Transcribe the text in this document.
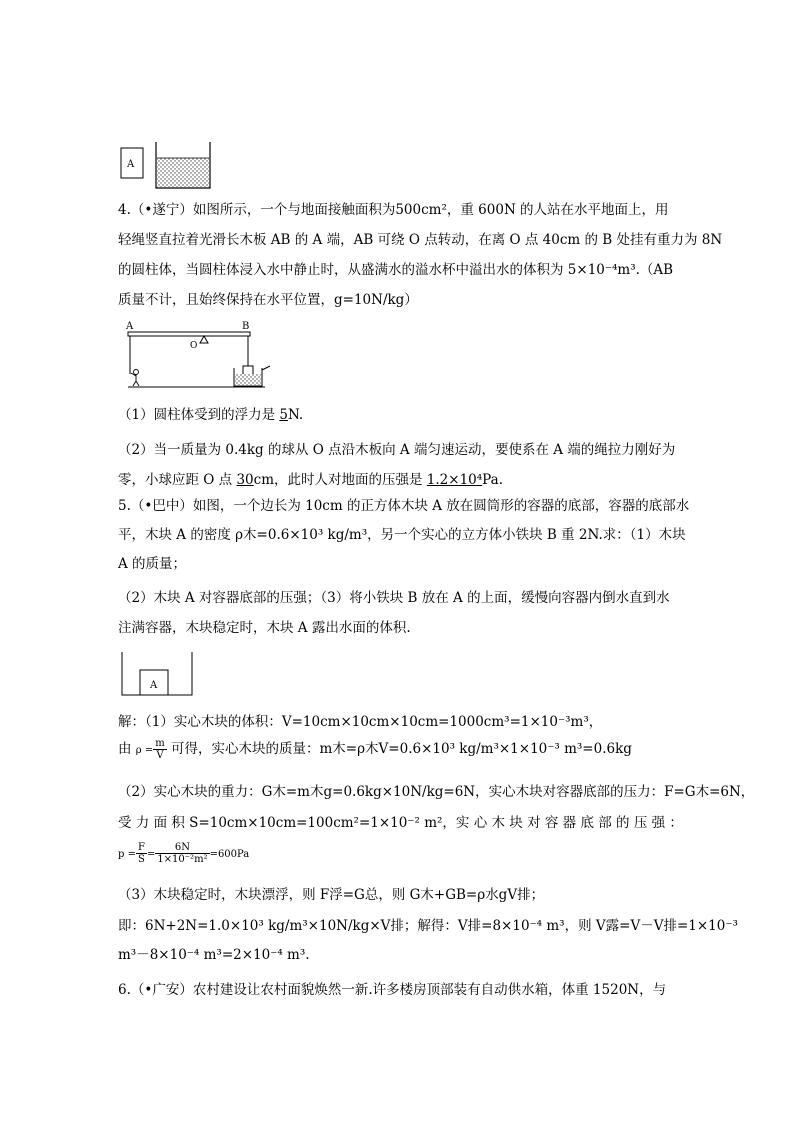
A
4.（•遂宁）如图所示，一个与地面接触面积为500cm²，重 600N 的人站在水平地面上，用
轻绳竖直拉着光滑长木板 AB 的 A 端，AB 可绕 O 点转动，在离 O 点 40cm 的 B 处挂有重力为 8N
的圆柱体，当圆柱体浸入水中静止时，从盛满水的溢水杯中溢出水的体积为 5×10⁻⁴m³.（AB
质量不计，且始终保持在水平位置，g=10N/kg）
A	B
O
（1）圆柱体受到的浮力是 5N.
（2）当一质量为 0.4kg 的球从 O 点沿木板向 A 端匀速运动，要使系在 A 端的绳拉力刚好为
零，小球应距 O 点 30cm，此时人对地面的压强是 1.2×10⁴Pa.
5.（•巴中）如图，一个边长为 10cm 的正方体木块 A 放在圆筒形的容器的底部，容器的底部水
平，木块 A 的密度 ρ木=0.6×10³ kg/m³，另一个实心的立方体小铁块 B 重 2N.求：（1）木块
A 的质量；
（2）木块 A 对容器底部的压强；（3）将小铁块 B 放在 A 的上面，缓慢向容器内倒水直到水
注满容器，木块稳定时，木块 A 露出水面的体积.
A
解：（1）实心木块的体积：V=10cm×10cm×10cm=1000cm³=1×10⁻³m³，
由 $\rho = \frac{m}{V}$ 可得，实心木块的质量：m木=ρ木V=0.6×10³ kg/m³×1×10⁻³ m³=0.6kg
（2）实心木块的重力：G木=m木g=0.6kg×10N/kg=6N，实心木块对容器底部的压力：F=G木=6N，
受 力 面 积 S=10cm×10cm=100cm²=1×10⁻² m²，实 心 木 块 对 容 器 底 部 的 压 强 ：
$p = \frac{F}{S} = \frac{6N}{\text{1×10⁻²m²}} =600Pa$
（3）木块稳定时，木块漂浮，则 F浮=G总，则 G木+GB=ρ水gV排；
即：6N+2N=1.0×10³ kg/m³×10N/kg×V排；解得：V排=8×10⁻⁴ m³，则 V露=V－V排=1×10⁻³
m³－8×10⁻⁴ m³=2×10⁻⁴ m³.
6.（•广安）农村建设让农村面貌焕然一新.许多楼房顶部装有自动供水箱，体重 1520N，与
